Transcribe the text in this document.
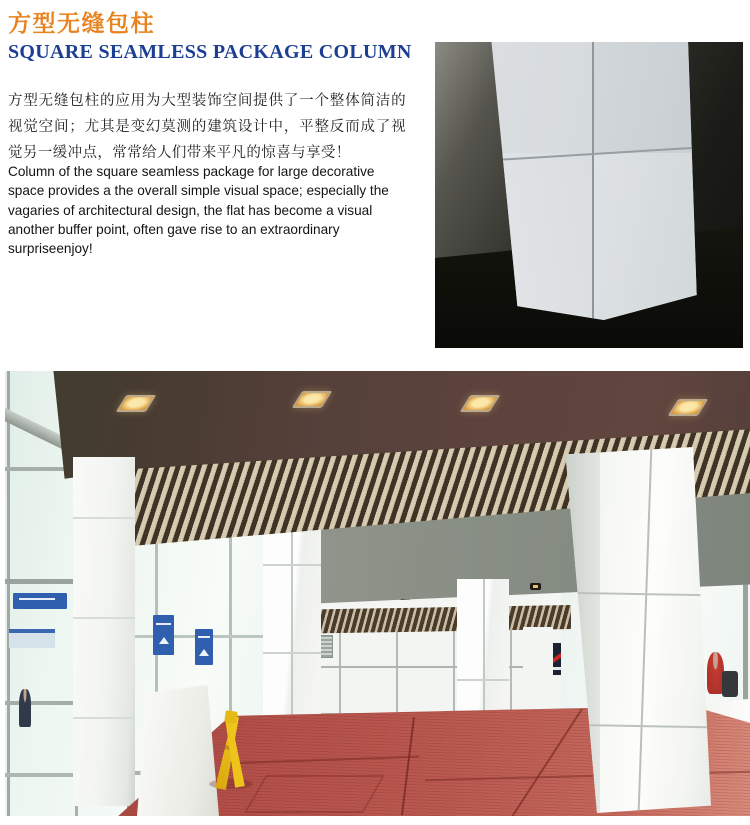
方型无缝包柱
SQUARE SEAMLESS PACKAGE COLUMN

方型无缝包柱的应用为大型装饰空间提供了一个整体简洁的视觉空间；尤其是变幻莫测的建筑设计中，平整反而成了视觉另一缓冲点，常常给人们带来平凡的惊喜与享受！

Column of the square seamless package for large decorative space provides a the overall simple visual space; especially the vagaries of architectural design, the flat has become a visual another buffer point, often gave rise to an extraordinary surpriseenjoy!
